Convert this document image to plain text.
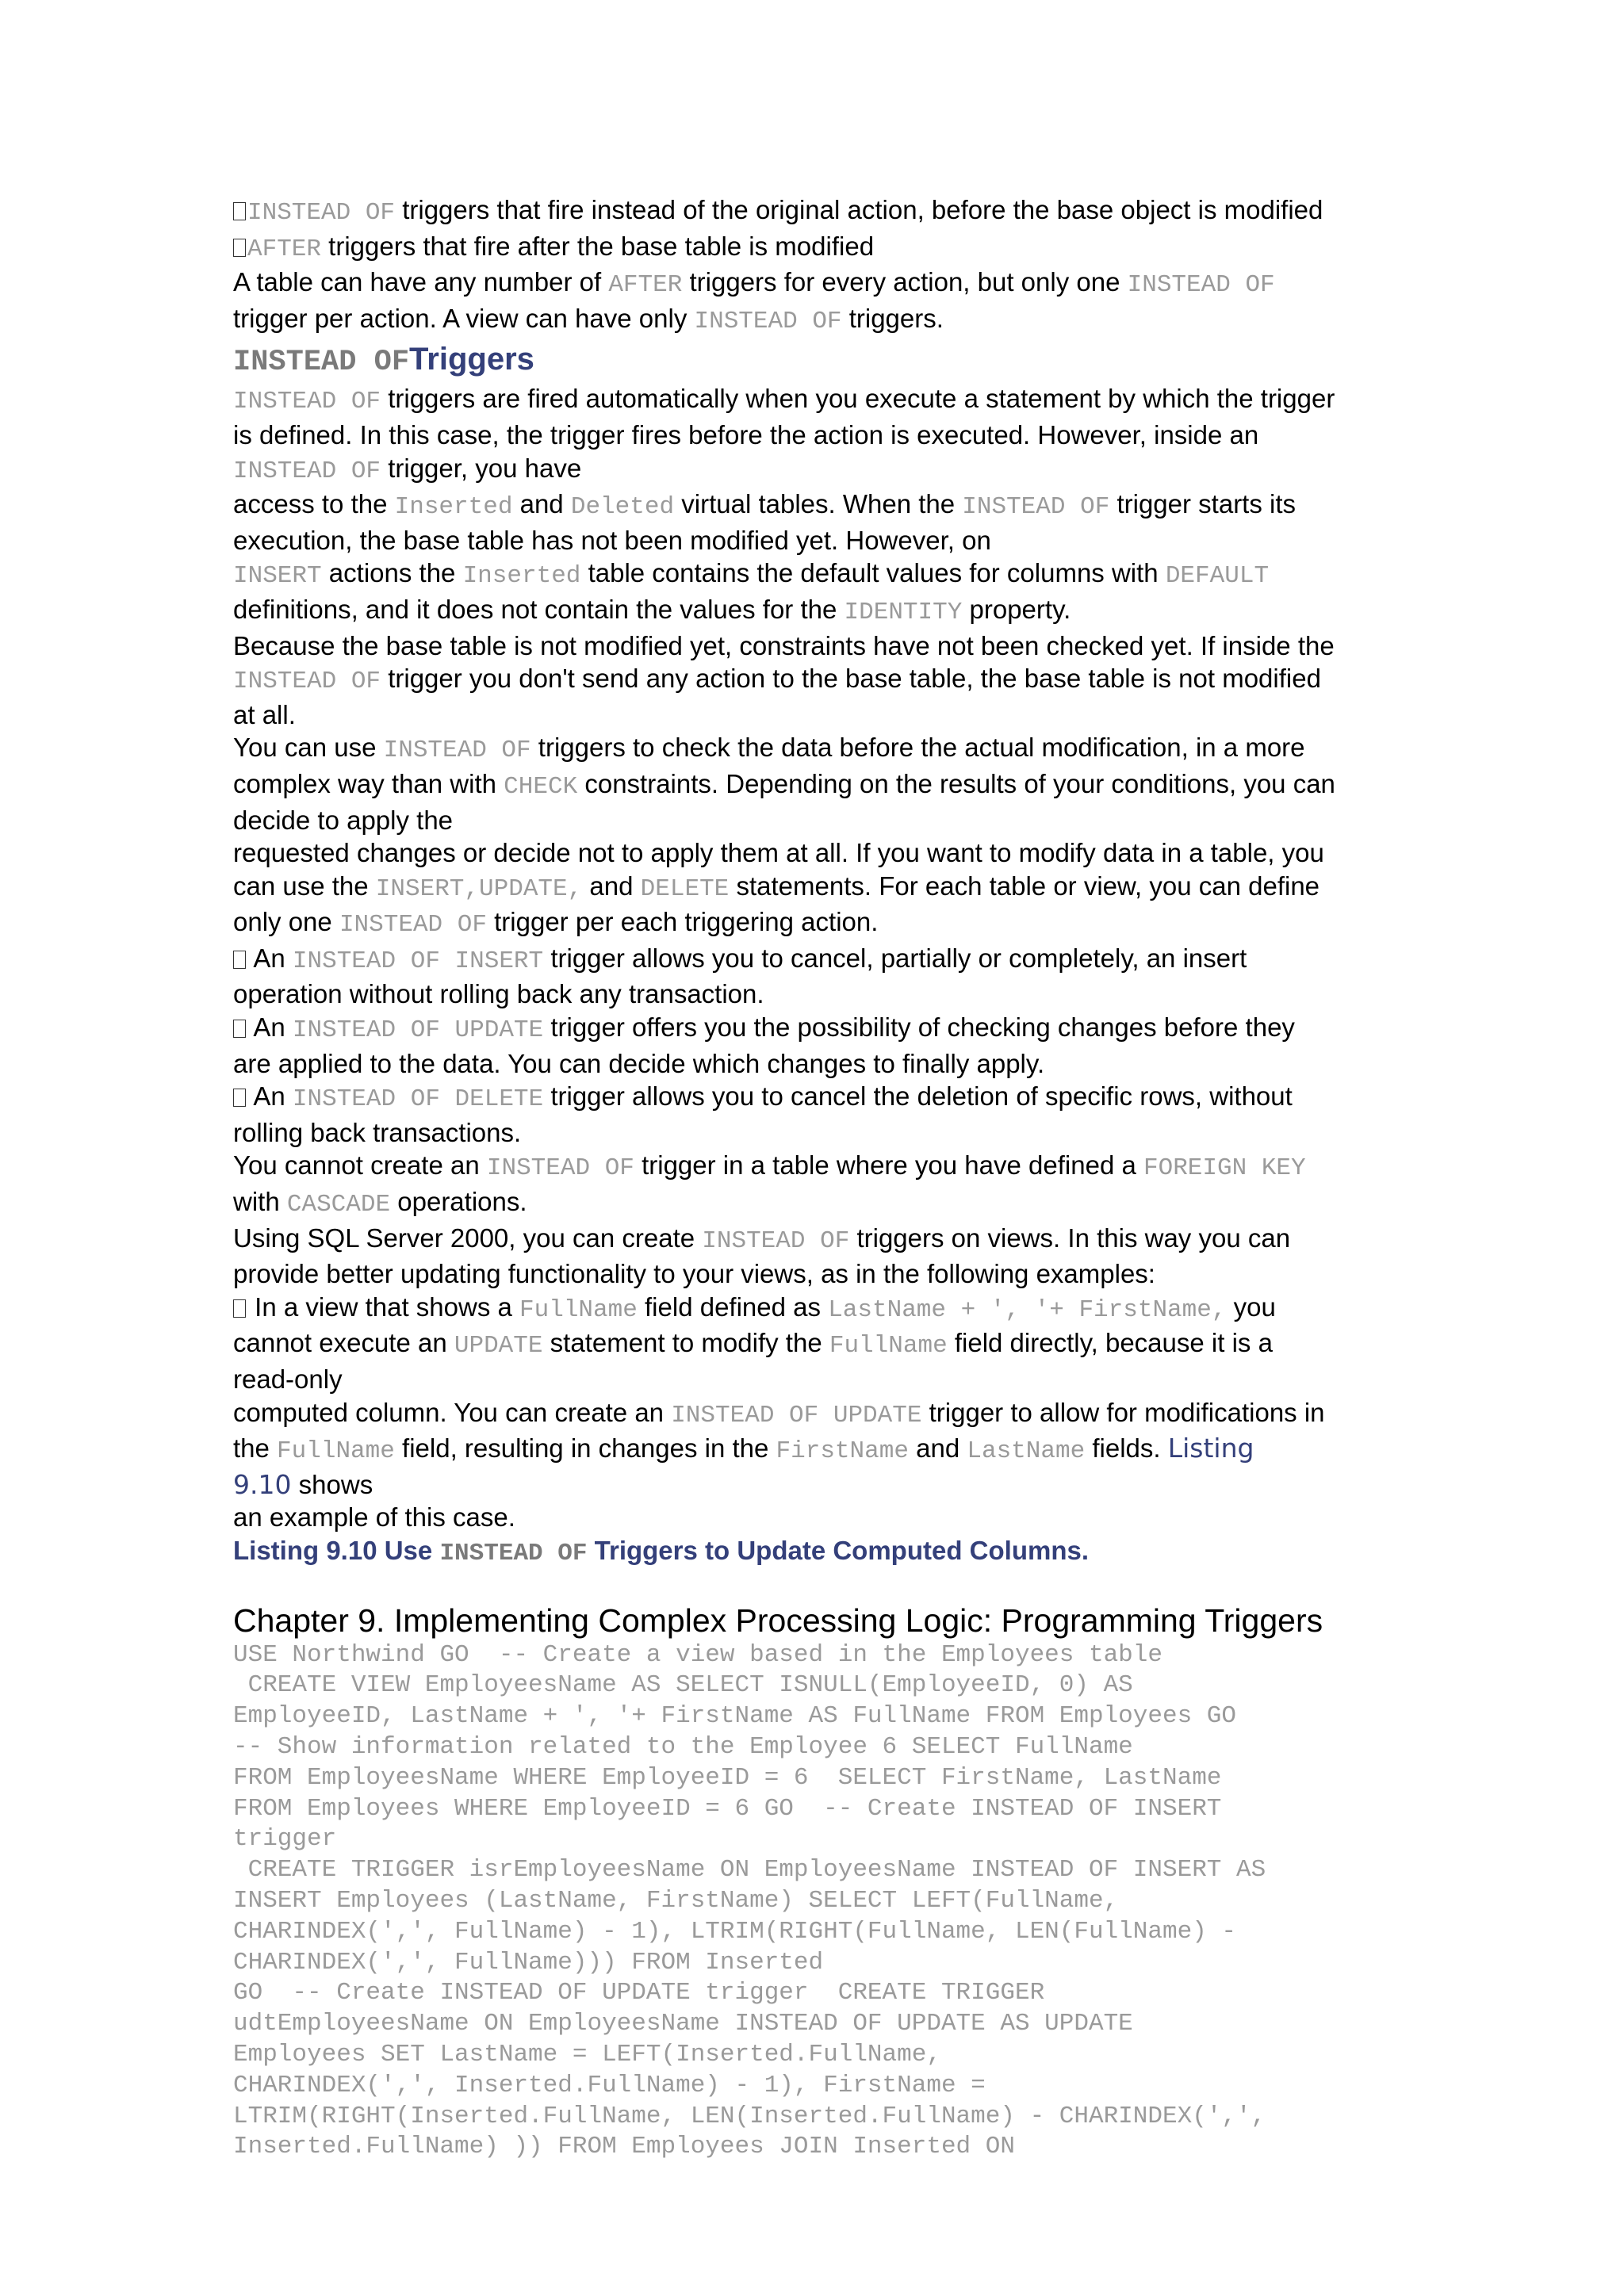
INSTEAD OF triggers that fire instead of the original action, before the base object is modified
AFTER triggers that fire after the base table is modified
A table can have any number of AFTER triggers for every action, but only one INSTEAD OF
trigger per action. A view can have only INSTEAD OF triggers.
INSTEAD OFTriggers
INSTEAD OF triggers are fired automatically when you execute a statement by which the trigger
is defined. In this case, the trigger fires before the action is executed. However, inside an
INSTEAD OF trigger, you have
access to the Inserted and Deleted virtual tables. When the INSTEAD OF trigger starts its
execution, the base table has not been modified yet. However, on
INSERT actions the Inserted table contains the default values for columns with DEFAULT
definitions, and it does not contain the values for the IDENTITY property.
Because the base table is not modified yet, constraints have not been checked yet. If inside the
INSTEAD OF trigger you don't send any action to the base table, the base table is not modified
at all.
You can use INSTEAD OF triggers to check the data before the actual modification, in a more
complex way than with CHECK constraints. Depending on the results of your conditions, you can
decide to apply the
requested changes or decide not to apply them at all. If you want to modify data in a table, you
can use the INSERT,UPDATE, and DELETE statements. For each table or view, you can define
only one INSTEAD OF trigger per each triggering action.
An INSTEAD OF INSERT trigger allows you to cancel, partially or completely, an insert
operation without rolling back any transaction.
An INSTEAD OF UPDATE trigger offers you the possibility of checking changes before they
are applied to the data. You can decide which changes to finally apply.
An INSTEAD OF DELETE trigger allows you to cancel the deletion of specific rows, without
rolling back transactions.
You cannot create an INSTEAD OF trigger in a table where you have defined a FOREIGN KEY
with CASCADE operations.
Using SQL Server 2000, you can create INSTEAD OF triggers on views. In this way you can
provide better updating functionality to your views, as in the following examples:
In a view that shows a FullName field defined as LastName + ', '+ FirstName, you
cannot execute an UPDATE statement to modify the FullName field directly, because it is a
read-only
computed column. You can create an INSTEAD OF UPDATE trigger to allow for modifications in
the FullName field, resulting in changes in the FirstName and LastName fields. Listing
9.10 shows
an example of this case.
Listing 9.10 Use INSTEAD OF Triggers to Update Computed Columns.
Chapter 9. Implementing Complex Processing Logic: Programming Triggers
USE Northwind GO  -- Create a view based in the Employees table
CREATE VIEW EmployeesName AS SELECT ISNULL(EmployeeID, 0) AS
EmployeeID, LastName + ', '+ FirstName AS FullName FROM Employees GO
-- Show information related to the Employee 6 SELECT FullName
FROM EmployeesName WHERE EmployeeID = 6  SELECT FirstName, LastName
FROM Employees WHERE EmployeeID = 6 GO  -- Create INSTEAD OF INSERT
trigger
CREATE TRIGGER isrEmployeesName ON EmployeesName INSTEAD OF INSERT AS
INSERT Employees (LastName, FirstName) SELECT LEFT(FullName,
CHARINDEX(',', FullName) - 1), LTRIM(RIGHT(FullName, LEN(FullName) -
CHARINDEX(',', FullName))) FROM Inserted
GO  -- Create INSTEAD OF UPDATE trigger  CREATE TRIGGER
udtEmployeesName ON EmployeesName INSTEAD OF UPDATE AS UPDATE
Employees SET LastName = LEFT(Inserted.FullName,
CHARINDEX(',', Inserted.FullName) - 1), FirstName =
LTRIM(RIGHT(Inserted.FullName, LEN(Inserted.FullName) - CHARINDEX(',',
Inserted.FullName) )) FROM Employees JOIN Inserted ON
